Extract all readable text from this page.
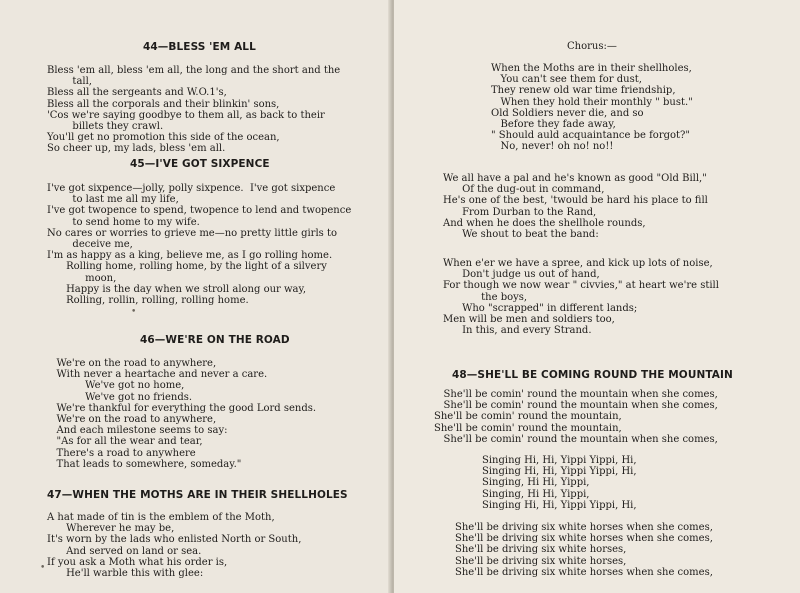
44—BLESS 'EM ALL
Bless 'em all, bless 'em all, the long and the short and the
tall,
Bless all the sergeants and W.O.1's,
Bless all the corporals and their blinkin' sons,
'Cos we're saying goodbye to them all, as back to their
billets they crawl.
You'll get no promotion this side of the ocean,
So cheer up, my lads, bless 'em all.
45—I'VE GOT SIXPENCE
I've got sixpence—jolly, polly sixpence.  I've got sixpence
to last me all my life,
I've got twopence to spend, twopence to lend and twopence
to send home to my wife.
No cares or worries to grieve me—no pretty little girls to
deceive me,
I'm as happy as a king, believe me, as I go rolling home.
Rolling home, rolling home, by the light of a silvery
moon,
Happy is the day when we stroll along our way,
Rolling, rollin, rolling, rolling home.
46—WE'RE ON THE ROAD
We're on the road to anywhere,
With never a heartache and never a care.
We've got no home,
We've got no friends.
We're thankful for everything the good Lord sends.
We're on the road to anywhere,
And each milestone seems to say:
"As for all the wear and tear,
There's a road to anywhere
That leads to somewhere, someday."
47—WHEN THE MOTHS ARE IN THEIR SHELLHOLES
A hat made of tin is the emblem of the Moth,
Wherever he may be,
It's worn by the lads who enlisted North or South,
And served on land or sea.
If you ask a Moth what his order is,
He'll warble this with glee:
•
•
Chorus:—
When the Moths are in their shellholes,
You can't see them for dust,
They renew old war time friendship,
When they hold their monthly " bust."
Old Soldiers never die, and so
Before they fade away,
" Should auld acquaintance be forgot?"
No, never! oh no! no!!
We all have a pal and he's known as good "Old Bill,"
Of the dug-out in command,
He's one of the best, 'twould be hard his place to fill
From Durban to the Rand,
And when he does the shellhole rounds,
We shout to beat the band:
When e'er we have a spree, and kick up lots of noise,
Don't judge us out of hand,
For though we now wear " civvies," at heart we're still
the boys,
Who "scrapped" in different lands;
Men will be men and soldiers too,
In this, and every Strand.
48—SHE'LL BE COMING ROUND THE MOUNTAIN
She'll be comin' round the mountain when she comes,
She'll be comin' round the mountain when she comes,
She'll be comin' round the mountain,
She'll be comin' round the mountain,
She'll be comin' round the mountain when she comes,
Singing Hi, Hi, Yippi Yippi, Hi,
Singing Hi, Hi, Yippi Yippi, Hi,
Singing, Hi Hi, Yippi,
Singing, Hi Hi, Yippi,
Singing Hi, Hi, Yippi Yippi, Hi,
She'll be driving six white horses when she comes,
She'll be driving six white horses when she comes,
She'll be driving six white horses,
She'll be driving six white horses,
She'll be driving six white horses when she comes,
